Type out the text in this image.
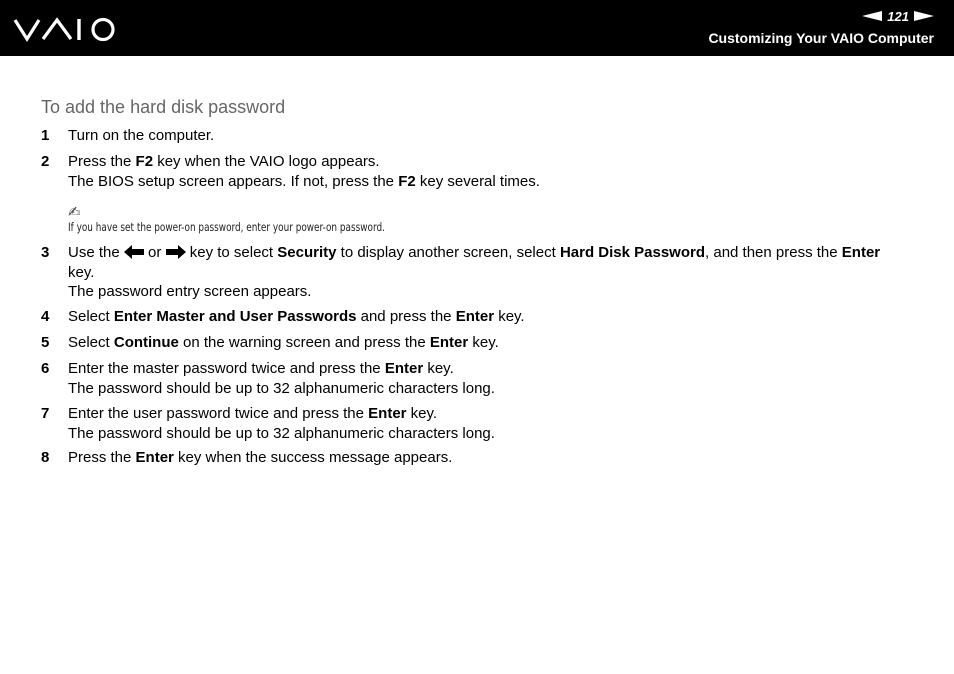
121
Customizing Your VAIO Computer
To add the hard disk password
1 Turn on the computer.
2 Press the F2 key when the VAIO logo appears.
The BIOS setup screen appears. If not, press the F2 key several times.
✍
If you have set the power-on password, enter your power-on password.
3 Use the  or  key to select Security to display another screen, select Hard Disk Password, and then press the Enter
key.
The password entry screen appears.
4 Select Enter Master and User Passwords and press the Enter key.
5 Select Continue on the warning screen and press the Enter key.
6 Enter the master password twice and press the Enter key.
The password should be up to 32 alphanumeric characters long.
7 Enter the user password twice and press the Enter key.
The password should be up to 32 alphanumeric characters long.
8 Press the Enter key when the success message appears.
